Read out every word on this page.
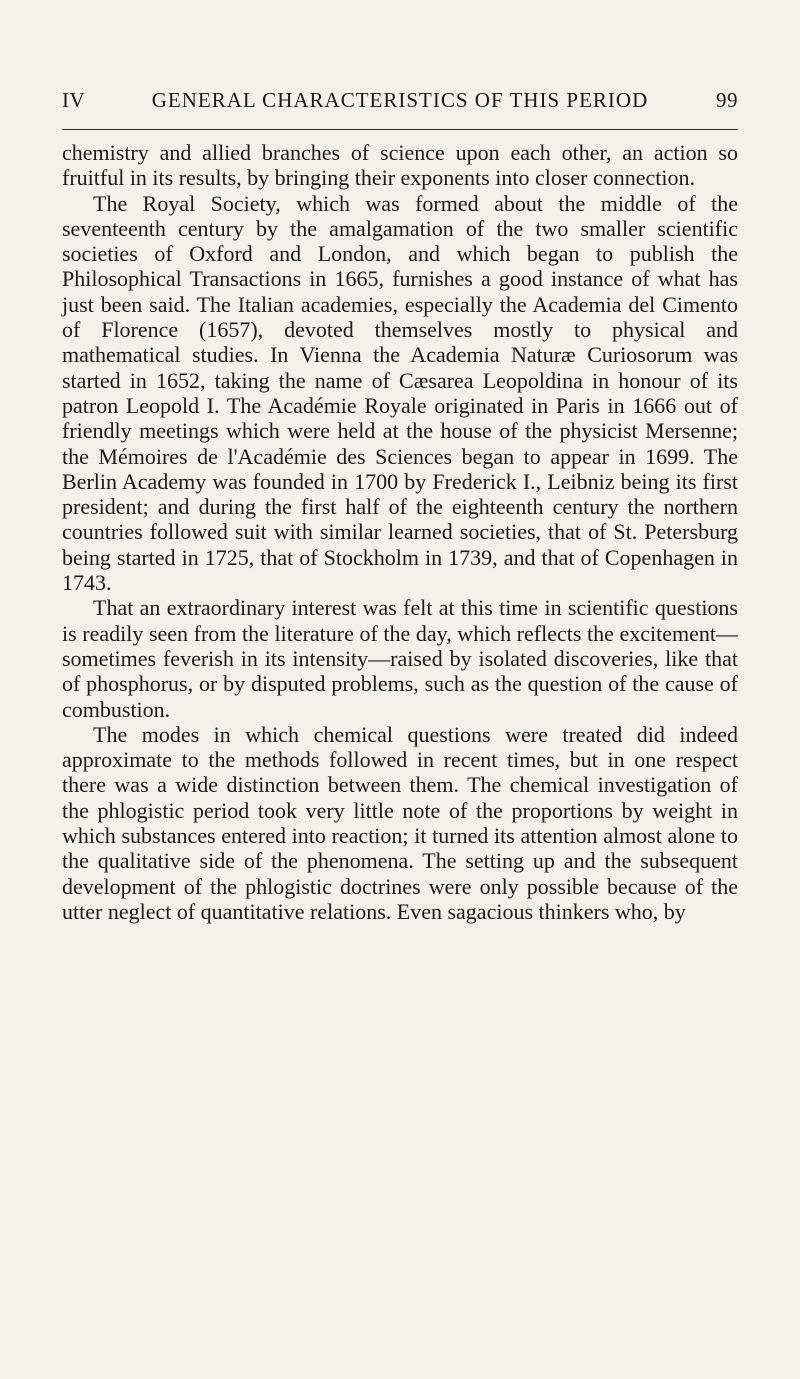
IV	GENERAL CHARACTERISTICS OF THIS PERIOD	99

chemistry and allied branches of science upon each other, an action so fruitful in its results, by bringing their exponents into closer connection.

The Royal Society, which was formed about the middle of the seventeenth century by the amalgamation of the two smaller scientific societies of Oxford and London, and which began to publish the Philosophical Transactions in 1665, furnishes a good instance of what has just been said. The Italian academies, especially the Academia del Cimento of Florence (1657), devoted themselves mostly to physical and mathematical studies. In Vienna the Academia Naturæ Curiosorum was started in 1652, taking the name of Cæsarea Leopoldina in honour of its patron Leopold I. The Académie Royale originated in Paris in 1666 out of friendly meetings which were held at the house of the physicist Mersenne; the Mémoires de l'Académie des Sciences began to appear in 1699. The Berlin Academy was founded in 1700 by Frederick I., Leibniz being its first president; and during the first half of the eighteenth century the northern countries followed suit with similar learned societies, that of St. Petersburg being started in 1725, that of Stockholm in 1739, and that of Copenhagen in 1743.

That an extraordinary interest was felt at this time in scientific questions is readily seen from the literature of the day, which reflects the excitement—sometimes feverish in its intensity—raised by isolated discoveries, like that of phosphorus, or by disputed problems, such as the question of the cause of combustion.

The modes in which chemical questions were treated did indeed approximate to the methods followed in recent times, but in one respect there was a wide distinction between them. The chemical investigation of the phlogistic period took very little note of the proportions by weight in which substances entered into reaction; it turned its attention almost alone to the qualitative side of the phenomena. The setting up and the subsequent development of the phlogistic doctrines were only possible because of the utter neglect of quantitative relations. Even sagacious thinkers who, by
